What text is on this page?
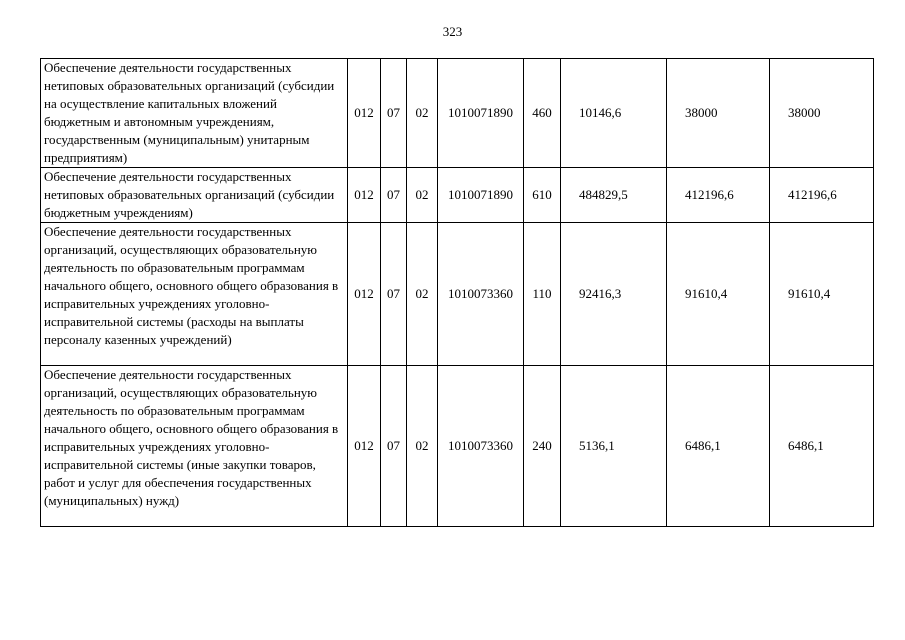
323
Обеспечение деятельности государственных нетиповых образовательных организаций (субсидии на осуществление капитальных вложений бюджетным и автономным учреждениям, государственным (муниципальным) унитарным предприятиям)	012	07	02	1010071890	460	10146,6	38000	38000
Обеспечение деятельности государственных нетиповых образовательных организаций (субсидии бюджетным учреждениям)	012	07	02	1010071890	610	484829,5	412196,6	412196,6
Обеспечение деятельности государственных организаций, осуществляющих образовательную деятельность по образовательным программам начального общего, основного общего образования в исправительных учреждениях уголовно-исправительной системы (расходы на выплаты персоналу казенных учреждений)	012	07	02	1010073360	110	92416,3	91610,4	91610,4
Обеспечение деятельности государственных организаций, осуществляющих образовательную деятельность по образовательным программам начального общего, основного общего образования в исправительных учреждениях уголовно-исправительной системы (иные закупки товаров, работ и услуг для обеспечения государственных (муниципальных) нужд)	012	07	02	1010073360	240	5136,1	6486,1	6486,1
